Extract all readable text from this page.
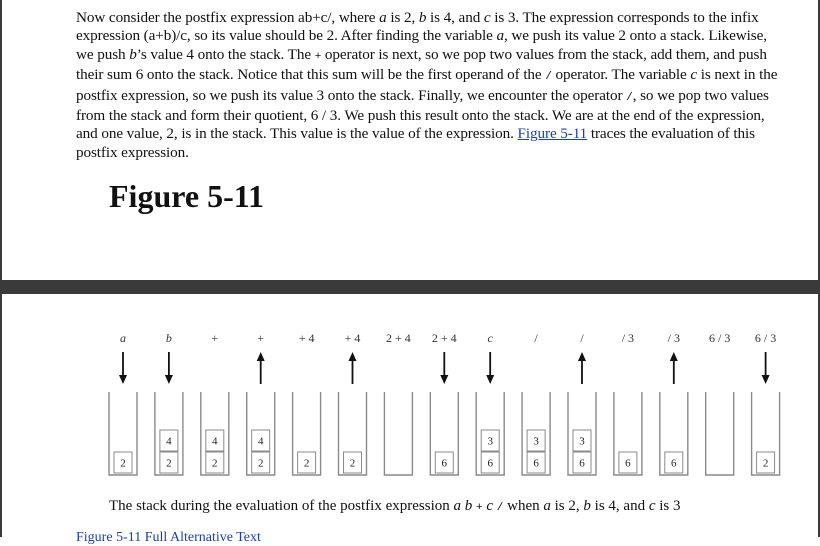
Now consider the postfix expression ab+c/, where a is 2, b is 4, and c is 3. The expression corresponds to the infix expression (a+b)/c, so its value should be 2. After finding the variable a, we push its value 2 onto a stack. Likewise, we push b’s value 4 onto the stack. The + operator is next, so we pop two values from the stack, add them, and push their sum 6 onto the stack. Notice that this sum will be the first operand of the / operator. The variable c is next in the postfix expression, so we push its value 3 onto the stack. Finally, we encounter the operator /, so we pop two values from the stack and form their quotient, 6 / 3. We push this result onto the stack. We are at the end of the expression, and one value, 2, is in the stack. This value is the value of the expression. Figure 5-11 traces the evaluation of this postfix expression.

Figure 5-11
a
2
b
2
4
+
2
4
+
2
4
+ 4
2
+ 4
2
2 + 4 2 + 4
6
c
6
3
/
6
3
/
6
3
/ 3
6
/ 3
6
6 / 3 6 / 3
2

The stack during the evaluation of the postfix expression a b + c / when a is 2, b is 4, and c is 3

Figure 5-11 Full Alternative Text
